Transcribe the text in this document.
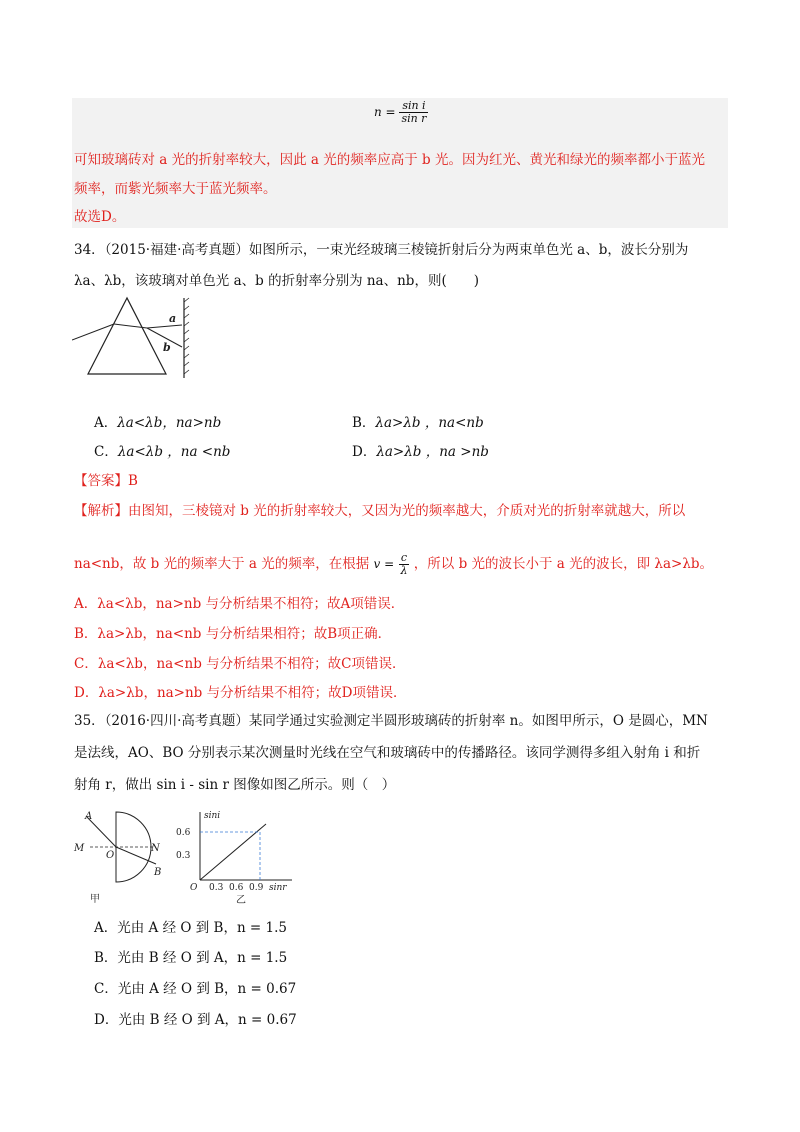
$n = \frac{\text{sin i}}{\text{sin r}}$
可知玻璃砖对 a 光的折射率较大，因此 a 光的频率应高于 b 光。因为红光、黄光和绿光的频率都小于蓝光
频率，而紫光频率大于蓝光频率。
故选D。
34．（2015·福建·高考真题）如图所示，一束光经玻璃三棱镜折射后分为两束单色光 a、b，波长分别为
λa、λb，该玻璃对单色光 a、b 的折射率分别为 na、nb，则(　　)
a
b
A．λa<λb，na>nb	B．λa>λb ，na<nb
C．λa<λb ，na <nb	D．λa>λb ，na >nb
【答案】B
【解析】由图知，三棱镜对 b 光的折射率较大，又因为光的频率越大，介质对光的折射率就越大，所以
na<nb，故 b 光的频率大于 a 光的频率，在根据 $v = \frac{c}{\lambda}$ ，所以 b 光的波长小于 a 光的波长，即 λa>λb。
A．λa<λb，na>nb 与分析结果不相符；故A项错误．
B．λa>λb，na<nb 与分析结果相符；故B项正确．
C．λa<λb，na<nb 与分析结果不相符；故C项错误．
D．λa>λb，na>nb 与分析结果不相符；故D项错误．
35．（2016·四川·高考真题）某同学通过实验测定半圆形玻璃砖的折射率 n。如图甲所示，O 是圆心，MN
是法线，AO、BO 分别表示某次测量时光线在空气和玻璃砖中的传播路径。该同学测得多组入射角 i 和折
射角 r，做出 sin i - sin r 图像如图乙所示。则（　）
A
M
O
N
B
甲
sini
0.6
0.3
O 0.3 0.6 0.9 sinr
乙
A．光由 A 经 O 到 B，n = 1.5
B．光由 B 经 O 到 A，n = 1.5
C．光由 A 经 O 到 B，n = 0.67
D．光由 B 经 O 到 A，n = 0.67
